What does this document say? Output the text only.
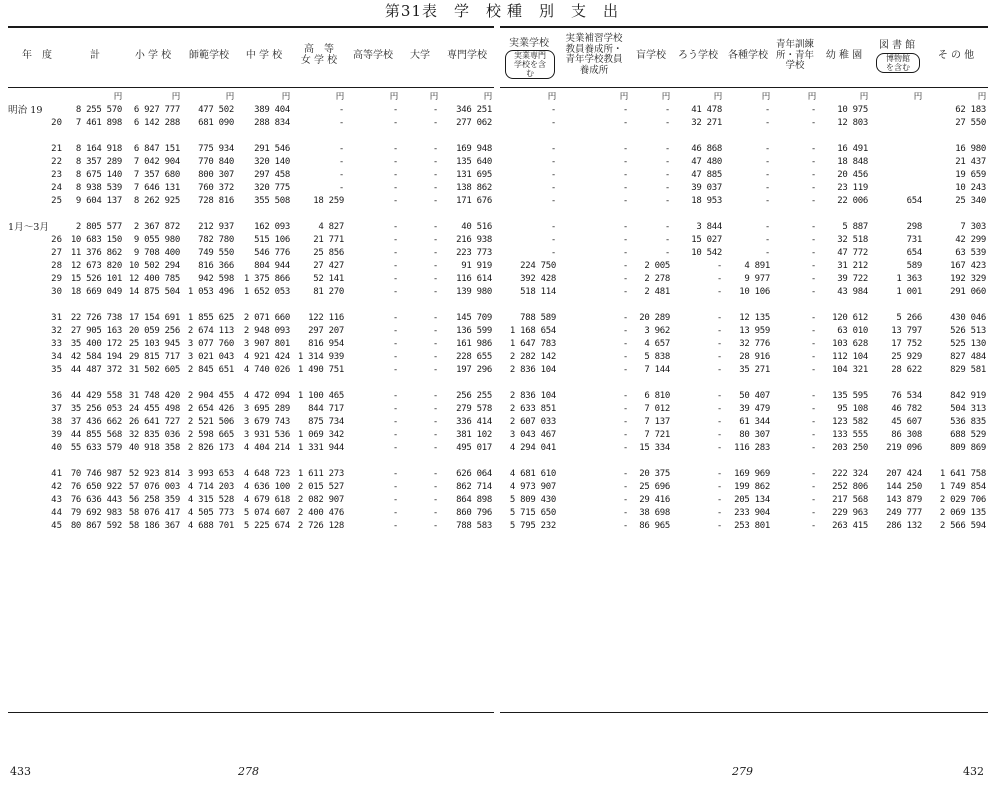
第31表　学　校 種　別　支　出
年　度	計	小 学 校	師範学校	中 学 校
高　等
女 学 校	高等学校	大学	専門学校
実業学校
実業専門
学校を含
む
実業補習学校
教員養成所・
青年学校教員
養成所
盲学校	ろう学校	各種学校
青年訓練
所・青年
学校
幼 稚 園
図 書 館
博物館
を含む
そ の 他
	円	円	円	円	円	円	円	円
明治 19	8 255 570	6 927 777	477 502	389 404	-	-	-	346 251
20	7 461 898	6 142 288	681 090	288 834	-	-	-	277 062

21	8 164 918	6 847 151	775 934	291 546	-	-	-	169 948
22	8 357 289	7 042 904	770 840	320 140	-	-	-	135 640
23	8 675 140	7 357 680	800 307	297 458	-	-	-	131 695
24	8 938 539	7 646 131	760 372	320 775	-	-	-	138 862
25	9 604 137	8 262 925	728 816	355 508	18 259	-	-	171 676

1月～3月	2 805 577	2 367 872	212 937	162 093	4 827	-	-	40 516
26	10 683 150	9 055 980	782 780	515 106	21 771	-	-	216 938
27	11 376 862	9 708 400	749 550	546 776	25 856	-	-	223 773
28	12 673 820	10 502 294	816 366	804 944	27 427	-	-	91 919
29	15 526 101	12 400 785	942 598	1 375 866	52 141	-	-	116 614
30	18 669 049	14 875 504	1 053 496	1 652 053	81 270	-	-	139 980

31	22 726 738	17 154 691	1 855 625	2 071 660	122 116	-	-	145 709
32	27 905 163	20 059 256	2 674 113	2 948 093	297 207	-	-	136 599
33	35 400 172	25 103 945	3 077 760	3 907 801	816 954	-	-	161 986
34	42 584 194	29 815 717	3 021 043	4 921 424	1 314 939	-	-	228 655
35	44 487 372	31 502 605	2 845 651	4 740 026	1 490 751	-	-	197 296

36	44 429 558	31 748 420	2 904 455	4 472 094	1 100 465	-	-	256 255
37	35 256 053	24 455 498	2 654 426	3 695 289	844 717	-	-	279 578
38	37 436 662	26 641 727	2 521 506	3 679 743	875 734	-	-	336 414
39	44 855 568	32 835 036	2 598 665	3 931 536	1 069 342	-	-	381 102
40	55 633 579	40 918 358	2 826 173	4 404 214	1 331 944	-	-	495 017

41	70 746 987	52 923 814	3 993 653	4 648 723	1 611 273	-	-	626 064
42	76 650 922	57 076 003	4 714 203	4 636 100	2 015 527	-	-	862 714
43	76 636 443	56 258 359	4 315 528	4 679 618	2 082 907	-	-	864 898
44	79 692 983	58 076 417	4 505 773	5 074 607	2 400 476	-	-	860 796
45	80 867 592	58 186 367	4 688 701	5 225 674	2 726 128	-	-	788 583
円	円	円	円	円	円	円	円	円
-	-	-	41 478	-	-	10 975		62 183
-	-	-	32 271	-	-	12 803		27 550

-	-	-	46 868	-	-	16 491		16 980
-	-	-	47 480	-	-	18 848		21 437
-	-	-	47 885	-	-	20 456		19 659
-	-	-	39 037	-	-	23 119		10 243
-	-	-	18 953	-	-	22 006	654	25 340

-	-	-	3 844	-	-	5 887	298	7 303
-	-	-	15 027	-	-	32 518	731	42 299
-	-	-	10 542	-	-	47 772	654	63 539
224 750	-	2 005	-	4 891	-	31 212	589	167 423
392 428	-	2 278	-	9 977	-	39 722	1 363	192 329
518 114	-	2 481	-	10 106	-	43 984	1 001	291 060

788 589	-	20 289	-	12 135	-	120 612	5 266	430 046
1 168 654	-	3 962	-	13 959	-	63 010	13 797	526 513
1 647 783	-	4 657	-	32 776	-	103 628	17 752	525 130
2 282 142	-	5 838	-	28 916	-	112 104	25 929	827 484
2 836 104	-	7 144	-	35 271	-	104 321	28 622	829 581

2 836 104	-	6 810	-	50 407	-	135 595	76 534	842 919
2 633 851	-	7 012	-	39 479	-	95 108	46 782	504 313
2 607 033	-	7 137	-	61 344	-	123 582	45 607	536 835
3 043 467	-	7 721	-	80 307	-	133 555	86 308	688 529
4 294 041	-	15 334	-	116 283	-	203 250	219 096	809 869

4 681 610	-	20 375	-	169 969	-	222 324	207 424	1 641 758
4 973 907	-	25 696	-	199 862	-	252 806	144 250	1 749 854
5 809 430	-	29 416	-	205 134	-	217 568	143 879	2 029 706
5 715 650	-	38 698	-	233 904	-	229 963	249 777	2 069 135
5 795 232	-	86 965	-	253 801	-	263 415	286 132	2 566 594
433	278	279	432
